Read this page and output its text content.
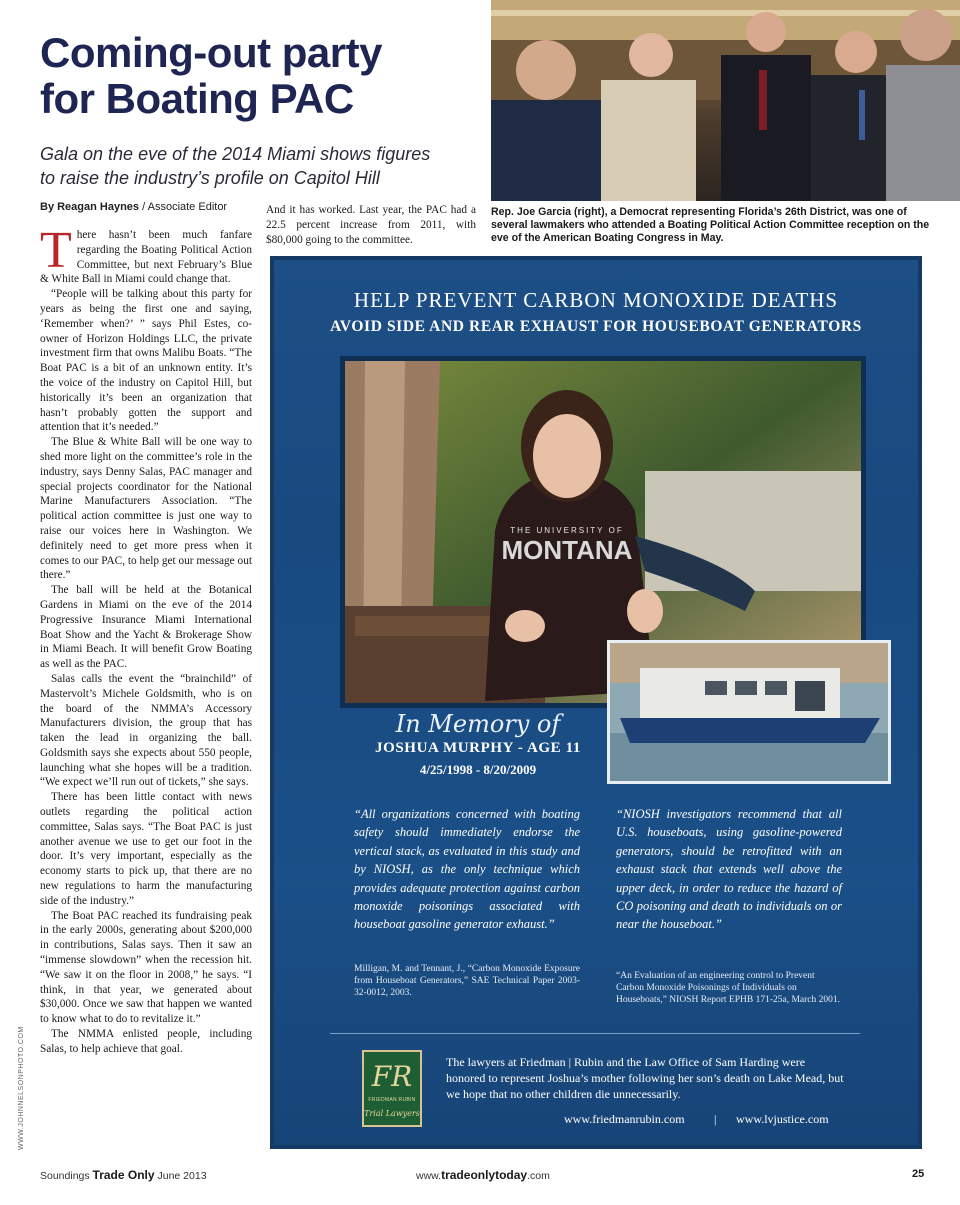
Coming-out party
for Boating PAC

Gala on the eve of the 2014 Miami shows figures
to raise the industry’s profile on Capitol Hill

By Reagan Haynes / Associate Editor

There hasn’t been much fanfare regarding the Boating Political Action Committee, but next February’s Blue & White Ball in Miami could change that.

“People will be talking about this party for years as being the first one and saying, ‘Remember when?’ ” says Phil Estes, co-owner of Horizon Holdings LLC, the private investment firm that owns Malibu Boats. “The Boat PAC is a bit of an unknown entity. It’s the voice of the industry on Capitol Hill, but historically it’s been an organization that hasn’t probably gotten the support and attention that it’s needed.”

The Blue & White Ball will be one way to shed more light on the committee’s role in the industry, says Denny Salas, PAC manager and special projects coordinator for the National Marine Manufacturers Association. “The political action committee is just one way to raise our voices here in Washington. We definitely need to get more press when it comes to our PAC, to help get our message out there.”

The ball will be held at the Botanical Gardens in Miami on the eve of the 2014 Progressive Insurance Miami International Boat Show and the Yacht & Brokerage Show in Miami Beach. It will benefit Grow Boating as well as the PAC.

Salas calls the event the “brainchild” of Mastervolt’s Michele Goldsmith, who is on the board of the NMMA’s Accessory Manufacturers division, the group that has taken the lead in organizing the ball. Goldsmith says she expects about 550 people, launching what she hopes will be a tradition. “We expect we’ll run out of tickets,” she says.

There has been little contact with news outlets regarding the political action committee, Salas says. “The Boat PAC is just another avenue we use to get our foot in the door. It’s very important, especially as the economy starts to pick up, that there are no new regulations to harm the manufacturing side of the industry.”

The Boat PAC reached its fundraising peak in the early 2000s, generating about $200,000 in contributions, Salas says. Then it saw an “immense slowdown” when the recession hit. “We saw it on the floor in 2008,” he says. “I think, in that year, we generated about $30,000. Once we saw that happen we wanted to know what to do to revitalize it.”

The NMMA enlisted people, including Salas, to help achieve that goal.

And it has worked. Last year, the PAC had a 22.5 percent increase from 2011, with $80,000 going to the committee.

Rep. Joe Garcia (right), a Democrat representing Florida’s 26th District, was one of several lawmakers who attended a Boating Political Action Committee reception on the eve of the American Boating Congress in May.

HELP PREVENT CARBON MONOXIDE DEATHS
AVOID SIDE AND REAR EXHAUST FOR HOUSEBOAT GENERATORS
THE UNIVERSITY OF
MONTANA
In Memory of
JOSHUA MURPHY - AGE 11
4/25/1998 - 8/20/2009

“All organizations concerned with boating safety should immediately endorse the vertical stack, as evaluated in this study and by NIOSH, as the only technique which provides adequate protection against carbon monoxide poisonings associated with houseboat gasoline generator exhaust.”

“NIOSH investigators recommend that all U.S. houseboats, using gasoline-powered generators, should be retrofitted with an exhaust stack that extends well above the upper deck, in order to reduce the hazard of CO poisoning and death to individuals on or near the houseboat.”

Milligan, M. and Tennant, J., “Carbon Monoxide Exposure from Houseboat Generators,” SAE Technical Paper 2003-32-0012, 2003.

“An Evaluation of an engineering control to Prevent Carbon Monoxide Poisonings of Individuals on Houseboats,” NIOSH Report EPHB 171-25a, March 2001.

FR
FRIEDMAN RUBIN
Trial Lawyers

The lawyers at Friedman | Rubin and the Law Office of Sam Harding were honored to represent Joshua’s mother following her son’s death on Lake Mead, but we hope that no other children die unnecessarily.

www.friedmanrubin.com | www.lvjustice.com
WWW.JOHNNELSONPHOTO.COM
Soundings Trade Only June 2013	www.tradeonlytoday.com	25
